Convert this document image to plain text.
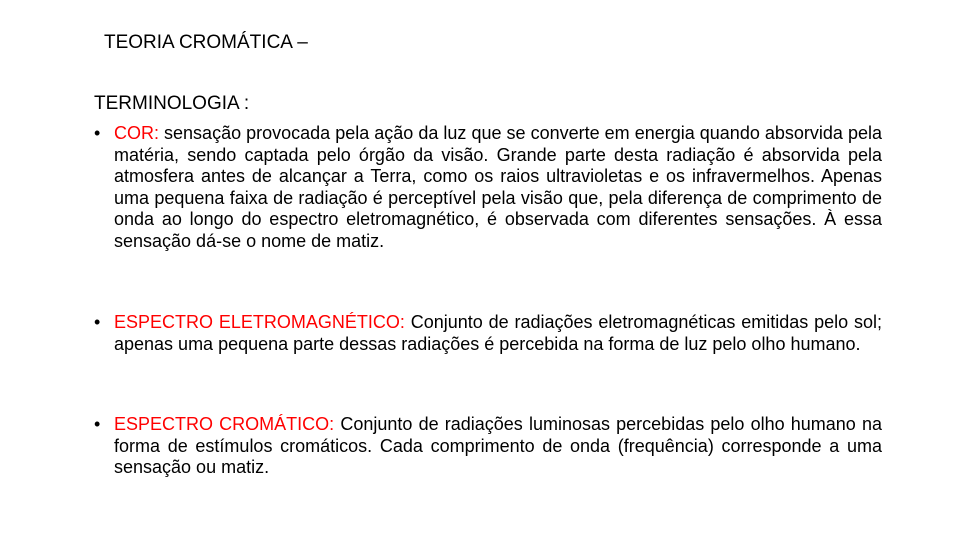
TEORIA CROMÁTICA –
TERMINOLOGIA :
• COR: sensação provocada pela ação da luz que se converte em energia quando absorvida pela matéria, sendo captada pelo órgão da visão. Grande parte desta radiação é absorvida pela atmosfera antes de alcançar a Terra, como os raios ultravioletas e os infravermelhos. Apenas uma pequena faixa de radiação é perceptível pela visão que, pela diferença de comprimento de onda ao longo do espectro eletromagnético, é observada com diferentes sensações. À essa sensação dá-se o nome de matiz.
• ESPECTRO ELETROMAGNÉTICO: Conjunto de radiações eletromagnéticas emitidas pelo sol; apenas uma pequena parte dessas radiações é percebida na forma de luz pelo olho humano.
• ESPECTRO CROMÁTICO: Conjunto de radiações luminosas percebidas pelo olho humano na forma de estímulos cromáticos. Cada comprimento de onda (frequência) corresponde a uma sensação ou matiz.
